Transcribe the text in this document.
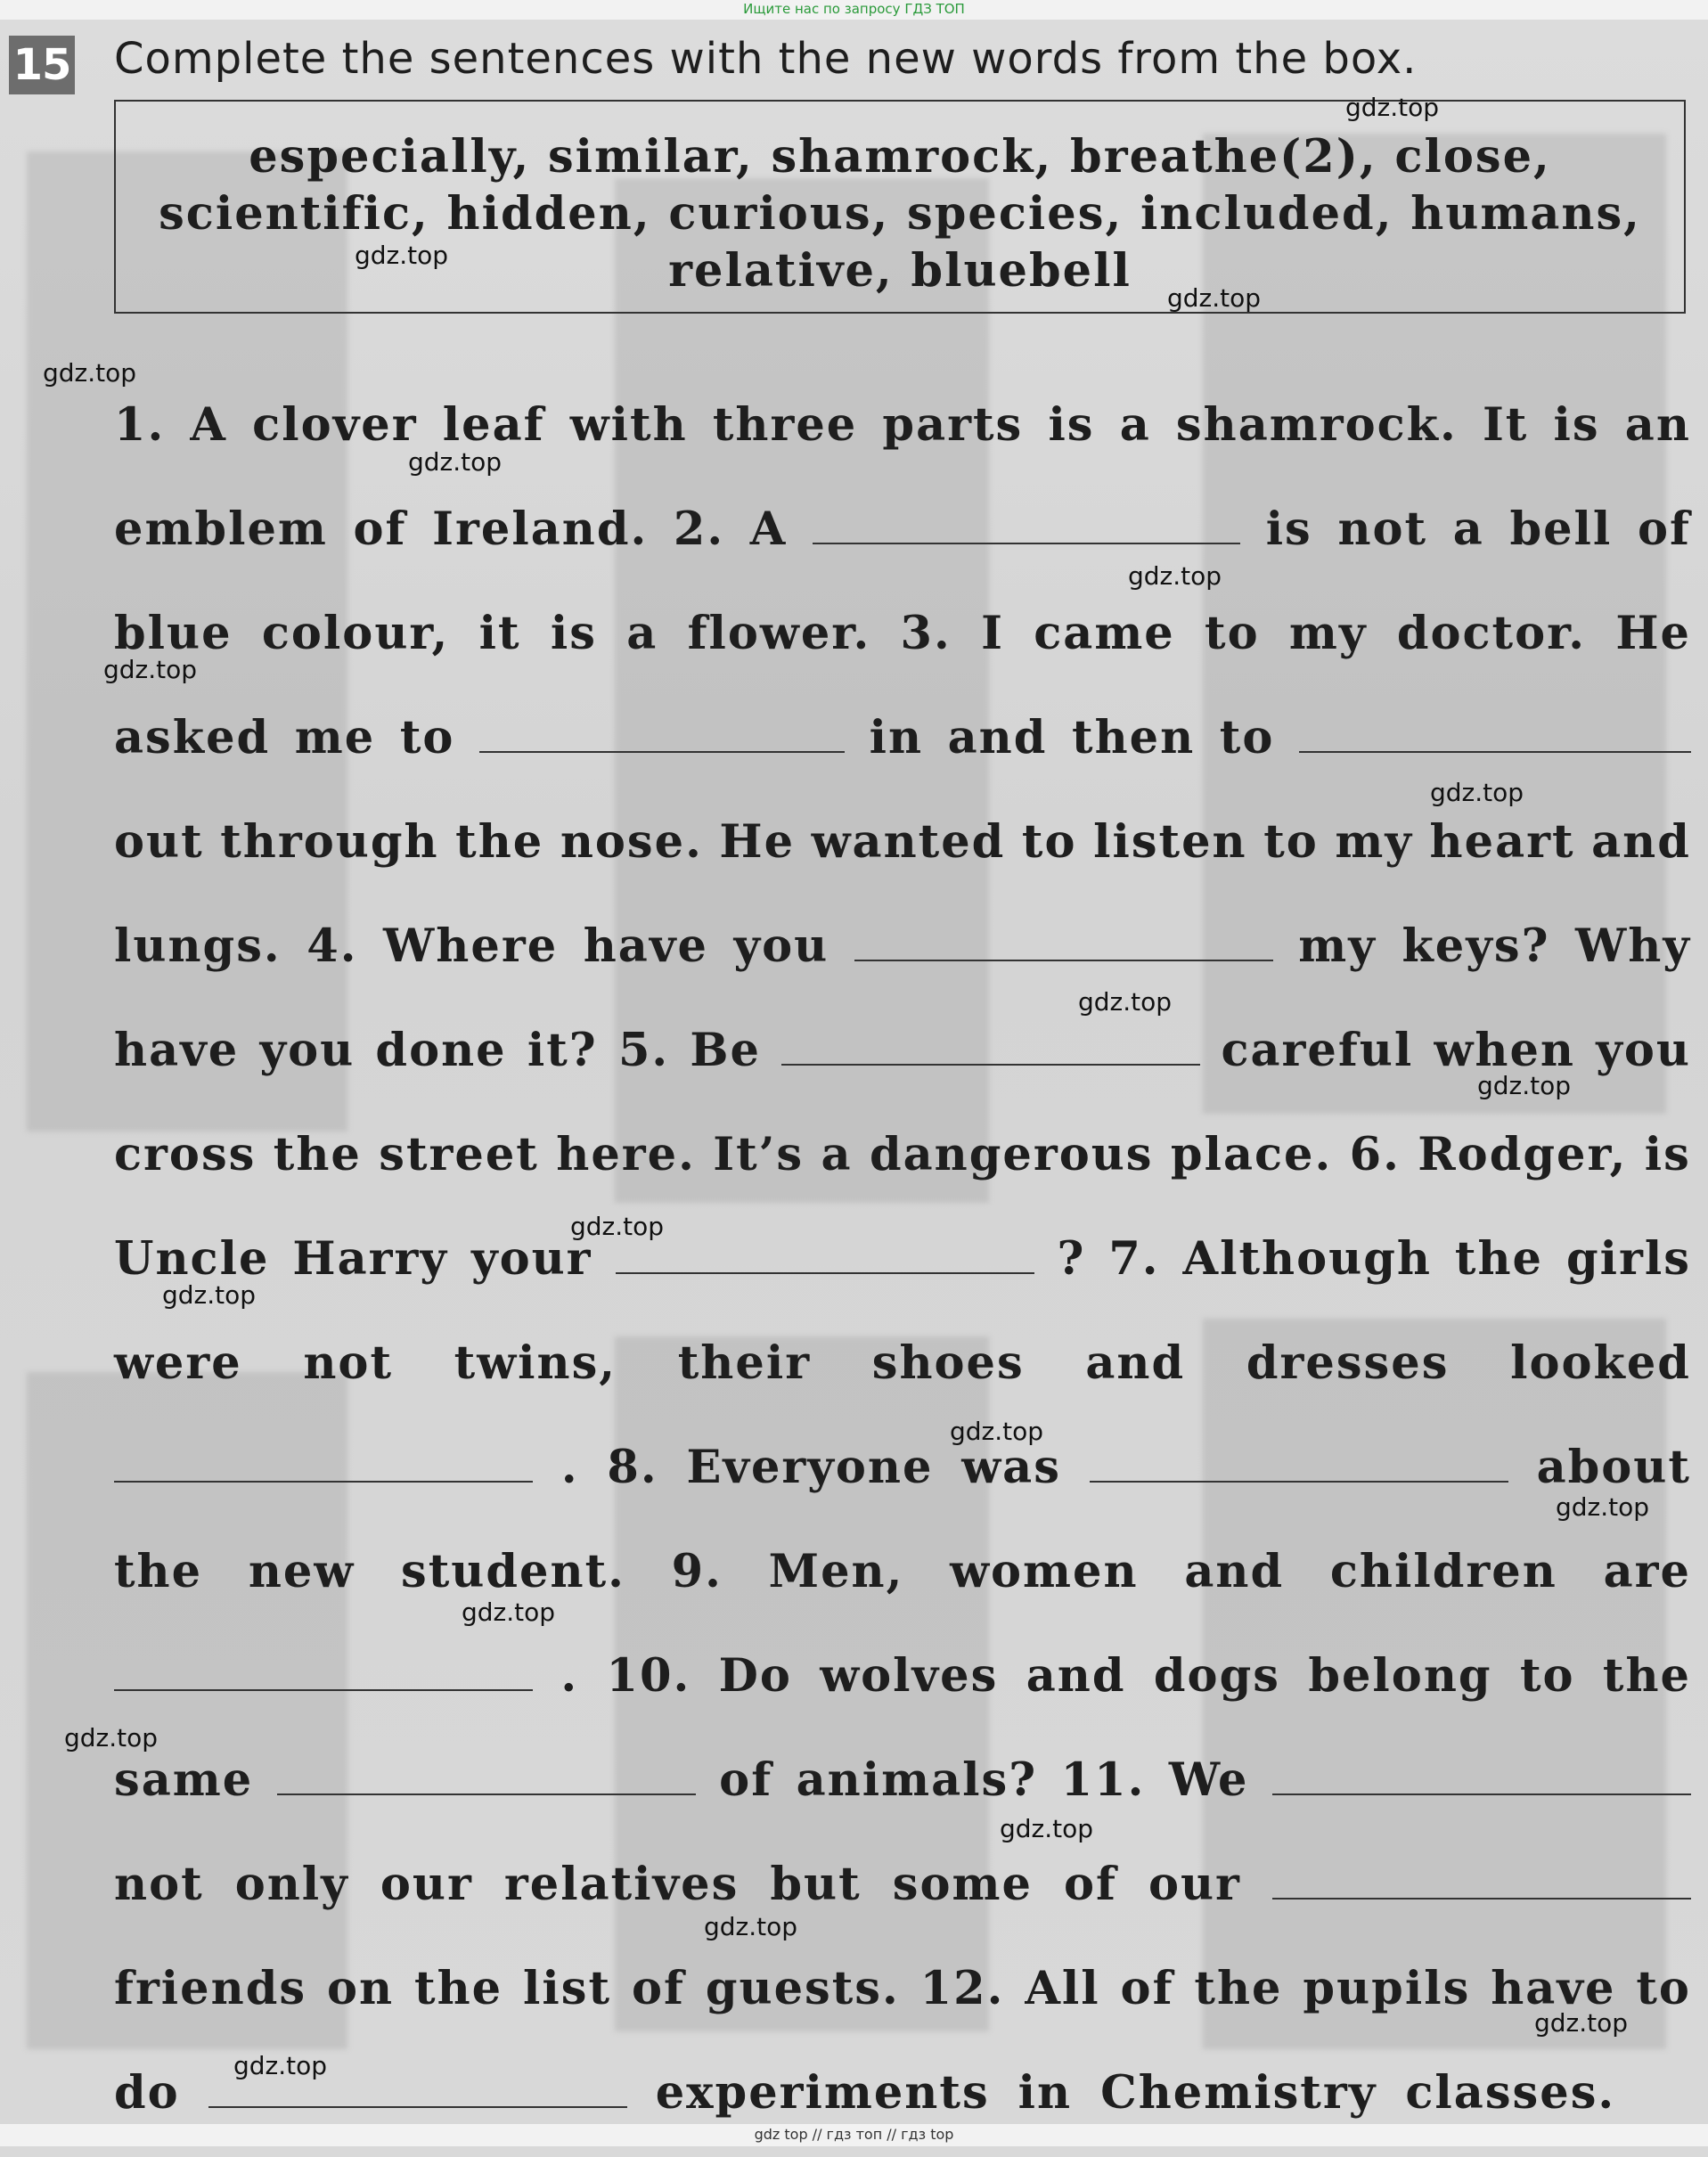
Ищите нас по запросу ГДЗ ТОП
15 Complete the sentences with the new words from the box.
especially, similar, shamrock, breathe(2), close,
scientific, hidden, curious, species, included, humans,
relative, bluebell
1. A clover leaf with three parts is a shamrock. It is an
emblem of Ireland. 2. A	is not a bell of
blue colour, it is a flower. 3. I came to my doctor. He
asked me to	in and then to
out through the nose. He wanted to listen to my heart and
lungs. 4. Where have you	my keys? Why
have you done it? 5. Be	careful when you
cross the street here. It’s a dangerous place. 6. Rodger, is
Uncle Harry your	? 7. Although the girls
were not twins, their shoes and dresses looked
. 8. Everyone was	about
the new student. 9. Men, women and children are
. 10. Do wolves and dogs belong to the
same	of animals? 11. We
not only our relatives but some of our
friends on the list of guests. 12. All of the pupils have to
do	experiments in Chemistry classes.
gdz.top
gdz.top
gdz.top
gdz.top
gdz.top
gdz.top
gdz.top
gdz.top
gdz.top
gdz.top
gdz.top
gdz.top
gdz.top
gdz.top
gdz.top
gdz.top
gdz.top
gdz.top
gdz.top
gdz.top
gdz top // гдз топ // гдз top
